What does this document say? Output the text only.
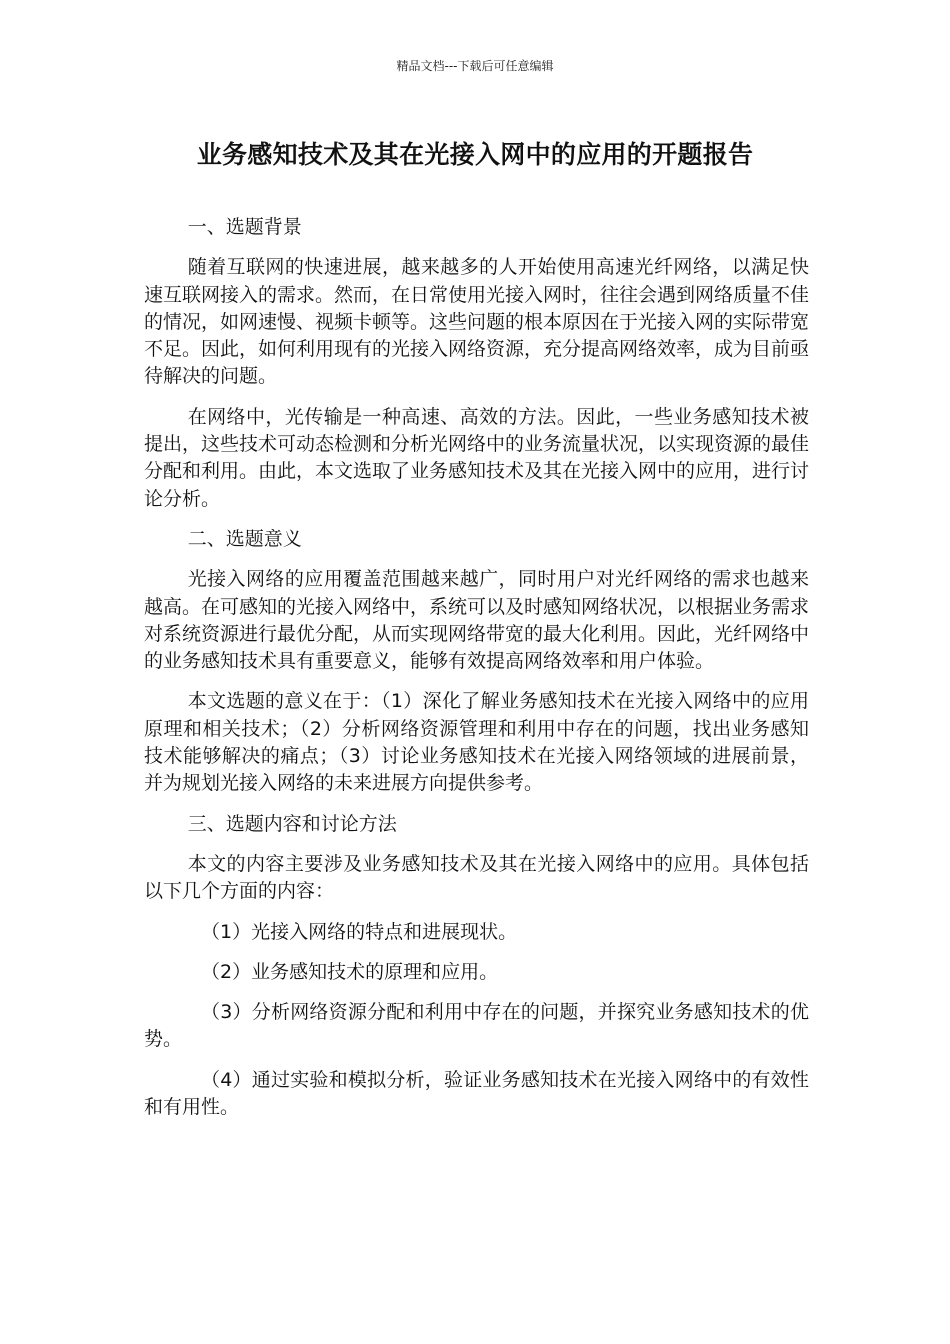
精品文档---下载后可任意编辑
业务感知技术及其在光接入网中的应用的开题报告

一、选题背景

随着互联网的快速进展，越来越多的人开始使用高速光纤网络，以满足快速互联网接入的需求。然而，在日常使用光接入网时，往往会遇到网络质量不佳的情况，如网速慢、视频卡顿等。这些问题的根本原因在于光接入网的实际带宽不足。因此，如何利用现有的光接入网络资源，充分提高网络效率，成为目前亟待解决的问题。

在网络中，光传输是一种高速、高效的方法。因此，一些业务感知技术被提出，这些技术可动态检测和分析光网络中的业务流量状况，以实现资源的最佳分配和利用。由此，本文选取了业务感知技术及其在光接入网中的应用，进行讨论分析。

二、选题意义

光接入网络的应用覆盖范围越来越广，同时用户对光纤网络的需求也越来越高。在可感知的光接入网络中，系统可以及时感知网络状况，以根据业务需求对系统资源进行最优分配，从而实现网络带宽的最大化利用。因此，光纤网络中的业务感知技术具有重要意义，能够有效提高网络效率和用户体验。

本文选题的意义在于：（1）深化了解业务感知技术在光接入网络中的应用原理和相关技术；（2）分析网络资源管理和利用中存在的问题，找出业务感知技术能够解决的痛点；（3）讨论业务感知技术在光接入网络领域的进展前景，并为规划光接入网络的未来进展方向提供参考。

三、选题内容和讨论方法

本文的内容主要涉及业务感知技术及其在光接入网络中的应用。具体包括以下几个方面的内容：

（1）光接入网络的特点和进展现状。

（2）业务感知技术的原理和应用。

（3）分析网络资源分配和利用中存在的问题，并探究业务感知技术的优势。

（4）通过实验和模拟分析，验证业务感知技术在光接入网络中的有效性和有用性。
